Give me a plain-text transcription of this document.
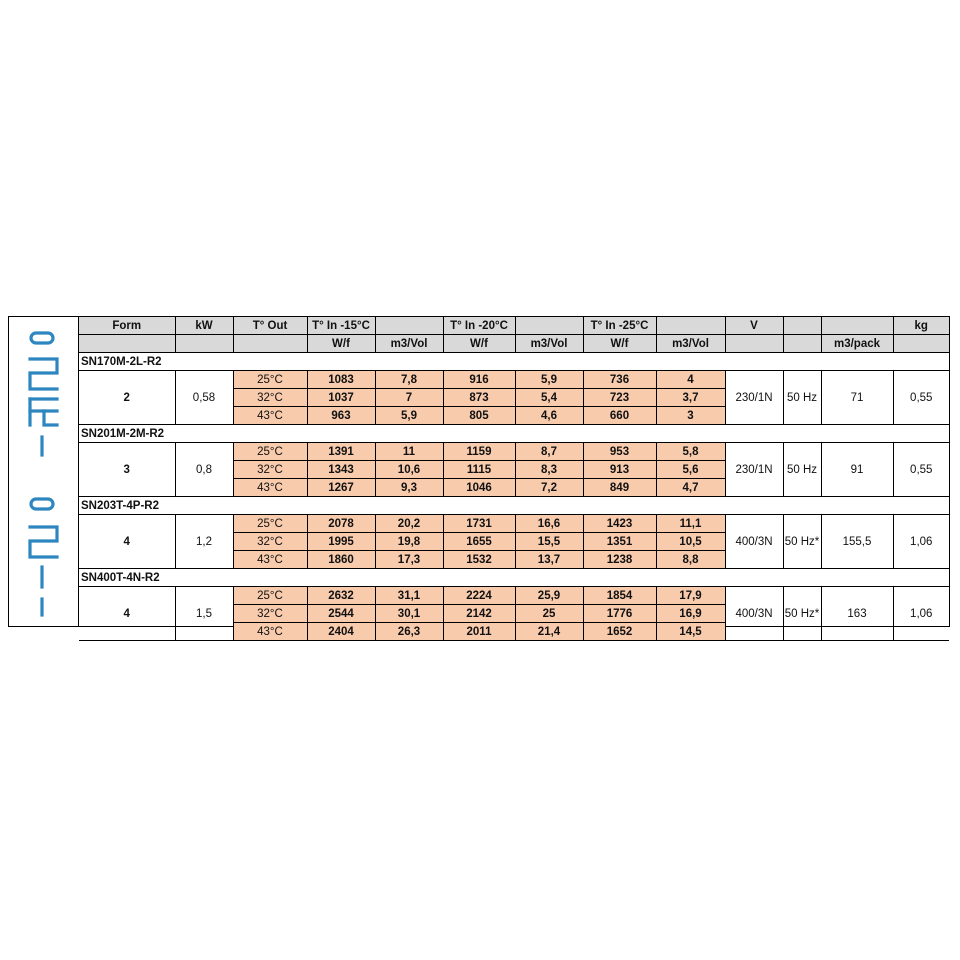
Form	kW	T° Out	T° In -15°C		T° In -20°C		T° In -25°C		V			kg
			W/f	m3/Vol	W/f	m3/Vol	W/f	m3/Vol			m3/pack	
SN170M-2L-R2												
2	0,58	25°C	1083	7,8	916	5,9	736	4	230/1N	50 Hz	71	0,55
		32°C	1037	7	873	5,4	723	3,7				
		43°C	963	5,9	805	4,6	660	3				
SN201M-2M-R2												
3	0,8	25°C	1391	11	1159	8,7	953	5,8	230/1N	50 Hz	91	0,55
		32°C	1343	10,6	1115	8,3	913	5,6				
		43°C	1267	9,3	1046	7,2	849	4,7				
SN203T-4P-R2												
4	1,2	25°C	2078	20,2	1731	16,6	1423	11,1	400/3N	50 Hz*	155,5	1,06
		32°C	1995	19,8	1655	15,5	1351	10,5				
		43°C	1860	17,3	1532	13,7	1238	8,8				
SN400T-4N-R2												
4	1,5	25°C	2632	31,1	2224	25,9	1854	17,9	400/3N	50 Hz*	163	1,06
		32°C	2544	30,1	2142	25	1776	16,9				
		43°C	2404	26,3	2011	21,4	1652	14,5				
